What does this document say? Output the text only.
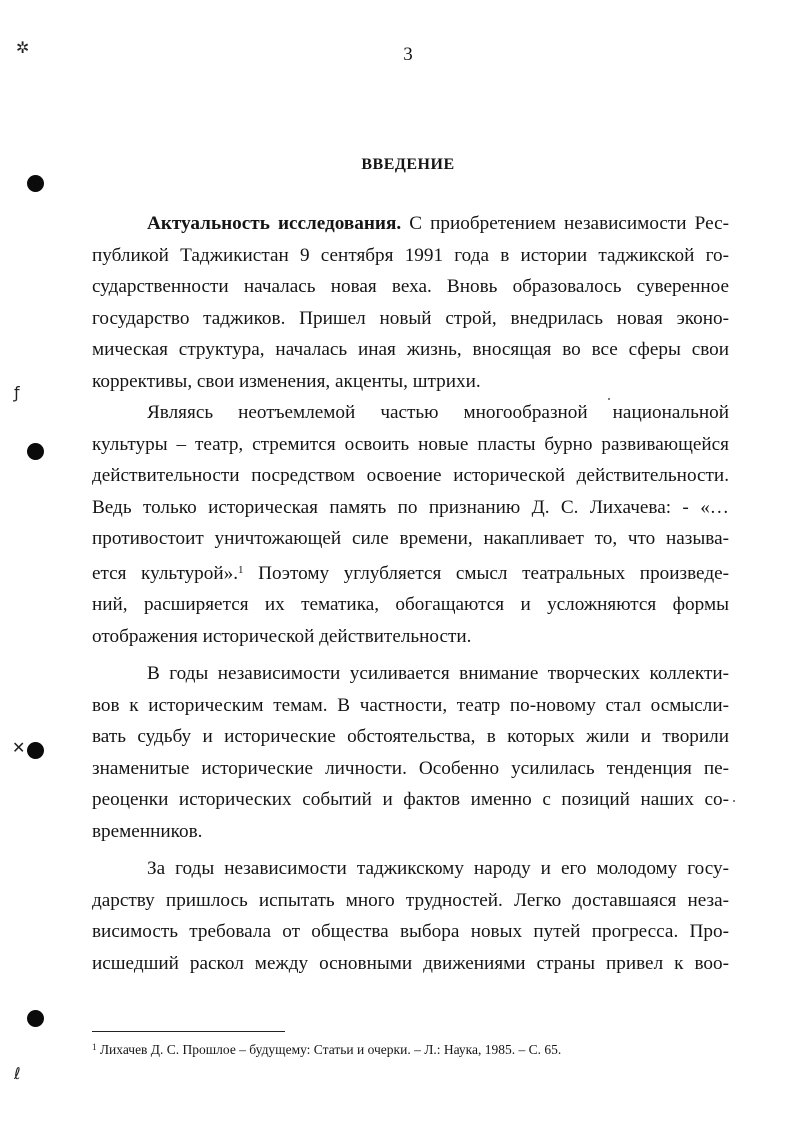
✲
ƒ
✕
ℓ
3
ВВЕДЕНИЕ

Актуальность исследования. С приобретением независимости Рес-
публикой Таджикистан 9 сентября 1991 года в истории таджикской го-
сударственности началась новая веха. Вновь образовалось суверенное
государство таджиков. Пришел новый строй, внедрилась новая эконо-
мическая структура, началась иная жизнь, вносящая во все сферы свои
коррективы, свои изменения, акценты, штрихи.

Являясь неотъемлемой частью многообразной национальной
культуры – театр, стремится освоить новые пласты бурно развивающейся
действительности посредством освоение исторической действительности.
Ведь только историческая память по признанию Д. С. Лихачева: - «…
противостоит уничтожающей силе времени, накапливает то, что называ-
ется культурой».$^1$ Поэтому углубляется смысл театральных произведе-
ний, расширяется их тематика, обогащаются и усложняются формы
отображения исторической действительности.

В годы независимости усиливается внимание творческих коллекти-
вов к историческим темам. В частности, театр по-новому стал осмысли-
вать судьбу и исторические обстоятельства, в которых жили и творили
знаменитые исторические личности. Особенно усилилась тенденция пе-
реоценки исторических событий и фактов именно с позиций наших со-
временников.

За годы независимости таджикскому народу и его молодому госу-
дарству пришлось испытать много трудностей. Легко доставшаяся неза-
висимость требовала от общества выбора новых путей прогресса. Про-
исшедший раскол между основными движениями страны привел к воо-

$^1$ Лихачев Д. С. Прошлое – будущему: Статьи и очерки. – Л.: Наука, 1985. – С. 65.
